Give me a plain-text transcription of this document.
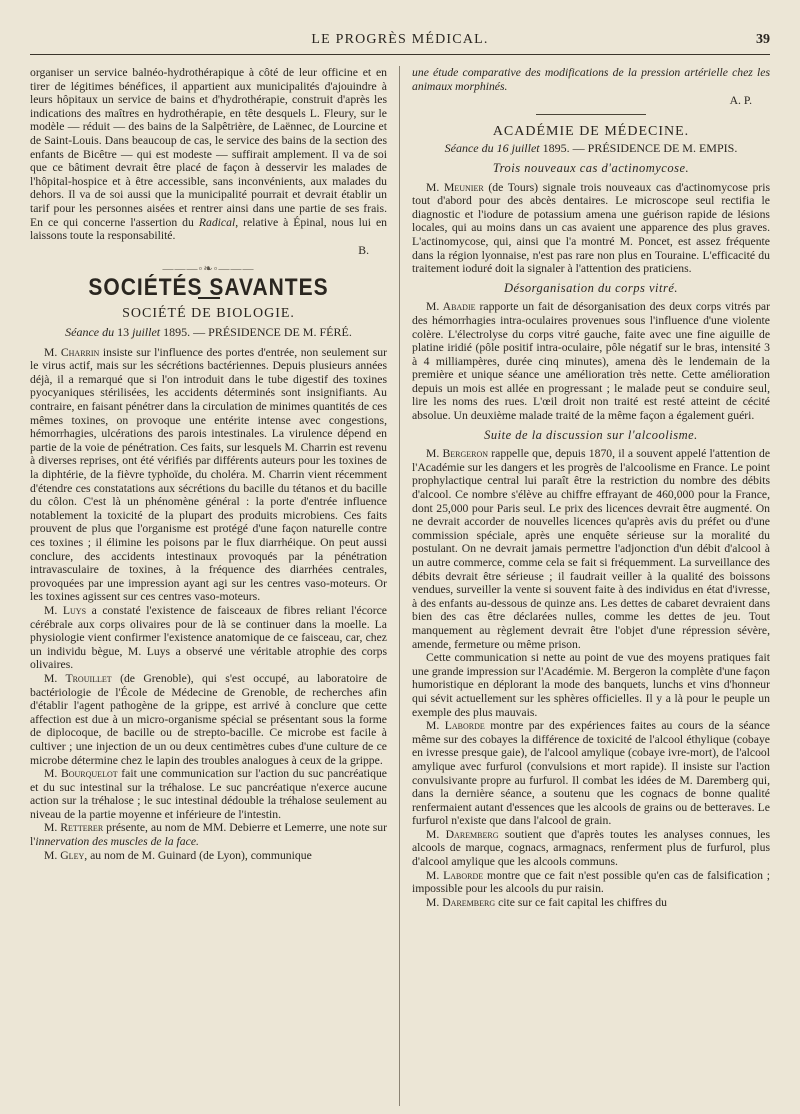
LE PROGRÈS MÉDICAL.	39

organiser un service balnéo-hydrothérapique à côté de leur officine et en tirer de légitimes bénéfices, il appartient aux municipalités d'ajouindre à leurs hôpitaux un service de bains et d'hydrothérapie, construit d'après les indications des maîtres en hydrothérapie, en tête desquels L. Fleury, sur le modèle — réduit — des bains de la Salpêtrière, de Laënnec, de Lourcine et de Saint-Louis. Dans beaucoup de cas, le service des bains de la section des enfants de Bicêtre — qui est modeste — suffirait amplement. Il va de soi que ce bâtiment devrait être placé de façon à desservir les malades de l'hôpital-hospice et à être accessible, sans inconvénients, aux malades du dehors. Il va de soi aussi que la municipalité pourrait et devrait établir un tarif pour les personnes aisées et rentrer ainsi dans une partie de ses frais. En ce qui concerne l'assertion du Radical, relative à Épinal, nous lui en laissons toute la responsabilité.

B.
———◦❧◦———
SOCIÉTÉS SAVANTES
SOCIÉTÉ DE BIOLOGIE.
Séance du 13 juillet 1895. — PRÉSIDENCE DE M. FÉRÉ.

M. Charrin insiste sur l'influence des portes d'entrée, non seulement sur le virus actif, mais sur les sécrétions bactériennes. Depuis plusieurs années déjà, il a remarqué que si l'on introduit dans le tube digestif des toxines pyocyaniques stérilisées, les accidents déterminés sont insignifiants. Au contraire, en faisant pénétrer dans la circulation de minimes quantités de ces mêmes toxines, on provoque une entérite intense avec congestions, hémorrhagies, ulcérations des parois intestinales. La virulence dépend en partie de la voie de pénétration. Ces faits, sur lesquels M. Charrin est revenu à diverses reprises, ont été vérifiés par différents auteurs pour les toxines de la diphtérie, de la fièvre typhoïde, du choléra. M. Charrin vient récemment d'étendre ces constatations aux sécrétions du bacille du tétanos et du bacille du côlon. C'est là un phénomène général : la porte d'entrée influence notablement la toxicité de la plupart des produits microbiens. Ces faits prouvent de plus que l'organisme est protégé d'une façon naturelle contre ces toxines ; il élimine les poisons par le flux diarrhéique. On peut aussi conclure, des accidents intestinaux provoqués par la pénétration intravasculaire de toxines, à la fréquence des diarrhées centrales, provoquées par une impression ayant agi sur les centres vaso-moteurs. Or les toxines agissent sur ces centres vaso-moteurs.

M. Luys a constaté l'existence de faisceaux de fibres reliant l'écorce cérébrale aux corps olivaires pour de là se continuer dans la moelle. La physiologie vient confirmer l'existence anatomique de ce faisceau, car, chez un individu bègue, M. Luys a observé une véritable atrophie des corps olivaires.

M. Trouillet (de Grenoble), qui s'est occupé, au laboratoire de bactériologie de l'École de Médecine de Grenoble, de recherches afin d'établir l'agent pathogène de la grippe, est arrivé à conclure que cette affection est due à un micro-organisme spécial se présentant sous la forme de diplocoque, de bacille ou de strepto-bacille. Ce microbe est facile à cultiver ; une injection de un ou deux centimètres cubes d'une culture de ce microbe détermine chez le lapin des troubles analogues à ceux de la grippe.

M. Bourquelot fait une communication sur l'action du suc pancréatique et du suc intestinal sur la tréhalose. Le suc pancréatique n'exerce aucune action sur la tréhalose ; le suc intestinal dédouble la tréhalose seulement au niveau de la partie moyenne et inférieure de l'intestin.

M. Retterer présente, au nom de MM. Debierre et Lemerre, une note sur l'innervation des muscles de la face.

M. Gley, au nom de M. Guinard (de Lyon), communique

une étude comparative des modifications de la pression artérielle chez les animaux morphinés.

A. P.
ACADÉMIE DE MÉDECINE.
Séance du 16 juillet 1895. — PRÉSIDENCE DE M. EMPIS.
Trois nouveaux cas d'actinomycose.

M. Meunier (de Tours) signale trois nouveaux cas d'actinomycose pris tout d'abord pour des abcès dentaires. Le microscope seul rectifia le diagnostic et l'iodure de potassium amena une guérison rapide de lésions locales, qui au moins dans un cas avaient une apparence des plus graves. L'actinomycose, qui, ainsi que l'a montré M. Poncet, est assez fréquente dans la région lyonnaise, n'est pas rare non plus en Touraine. L'efficacité du traitement ioduré doit la signaler à l'attention des praticiens.

Désorganisation du corps vitré.

M. Abadie rapporte un fait de désorganisation des deux corps vitrés par des hémorrhagies intra-oculaires provenues sous l'influence d'une violente colère. L'électrolyse du corps vitré gauche, faite avec une fine aiguille de platine iridié (pôle positif intra-oculaire, pôle négatif sur le bras, intensité 3 à 4 milliampères, durée cinq minutes), amena dès le lendemain de la première et unique séance une amélioration très nette. Cette amélioration depuis un mois est allée en progressant ; le malade peut se conduire seul, lire les noms des rues. L'œil droit non traité est resté atteint de cécité absolue. Un deuxième malade traité de la même façon a également guéri.

Suite de la discussion sur l'alcoolisme.

M. Bergeron rappelle que, depuis 1870, il a souvent appelé l'attention de l'Académie sur les dangers et les progrès de l'alcoolisme en France. Le point prophylactique central lui paraît être la restriction du nombre des débits d'alcool. Ce nombre s'élève au chiffre effrayant de 460,000 pour la France, dont 25,000 pour Paris seul. Le prix des licences devrait être augmenté. On ne devrait accorder de nouvelles licences qu'après avis du préfet ou d'une commission spéciale, après une enquête sérieuse sur la moralité du postulant. On ne devrait jamais permettre l'adjonction d'un débit d'alcool à un autre commerce, comme cela se fait si fréquemment. La surveillance des débits devrait être sérieuse ; il faudrait veiller à la qualité des boissons vendues, surveiller la vente si souvent faite à des individus en état d'ivresse, à des enfants au-dessous de quinze ans. Les dettes de cabaret devraient dans bien des cas être déclarées nulles, comme les dettes de jeu. Tout manquement au règlement devrait être l'objet d'une répression sévère, amende, fermeture ou même prison.

Cette communication si nette au point de vue des moyens pratiques fait une grande impression sur l'Académie. M. Bergeron la complète d'une façon humoristique en déplorant la mode des banquets, lunchs et vins d'honneur qui sévit actuellement sur les sphères officielles. Il y a là pour le peuple un exemple des plus mauvais.

M. Laborde montre par des expériences faites au cours de la séance même sur des cobayes la différence de toxicité de l'alcool éthylique (cobaye en ivresse presque gaie), de l'alcool amylique (cobaye ivre-mort), de l'alcool amylique avec furfurol (convulsions et mort rapide). Il insiste sur l'action convulsivante propre au furfurol. Il combat les idées de M. Daremberg qui, dans la dernière séance, a soutenu que les cognacs de bonne qualité renfermaient autant d'essences que les alcools de grains ou de betteraves. Le furfurol n'existe que dans l'alcool de grain.

M. Daremberg soutient que d'après toutes les analyses connues, les alcools de marque, cognacs, armagnacs, renferment plus de furfurol, plus d'alcool amylique que les alcools communs.

M. Laborde montre que ce fait n'est possible qu'en cas de falsification ; impossible pour les alcools du pur raisin.

M. Daremberg cite sur ce fait capital les chiffres du
